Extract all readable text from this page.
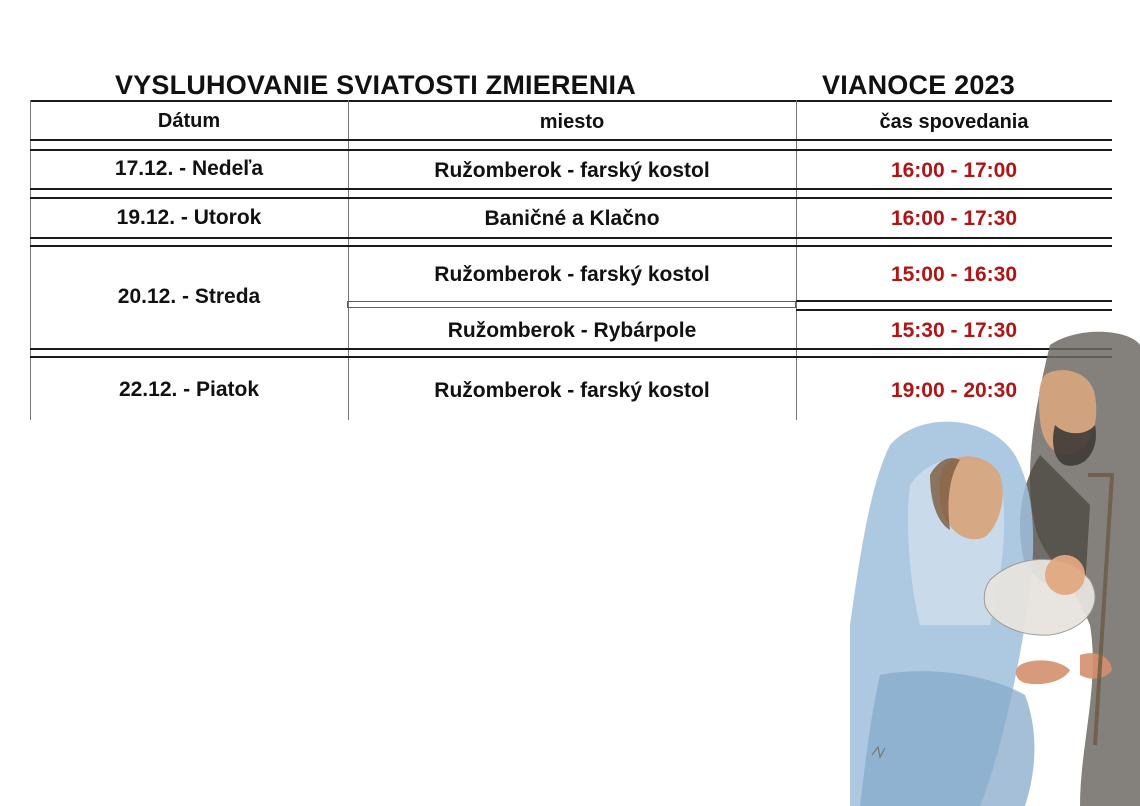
VYSLUHOVANIE SVIATOSTI ZMIERENIA	VIANOCE 2023
Dátum	miesto	čas spovedania
17.12. - Nedeľa	Ružomberok - farský kostol	16:00 - 17:00
19.12. - Utorok	Baničné a Klačno	16:00 - 17:30
20.12. - Streda
Ružomberok - farský kostol	15:00 - 16:30
Ružomberok - Rybárpole	15:30 - 17:30
22.12. - Piatok	Ružomberok - farský kostol	19:00 - 20:30
